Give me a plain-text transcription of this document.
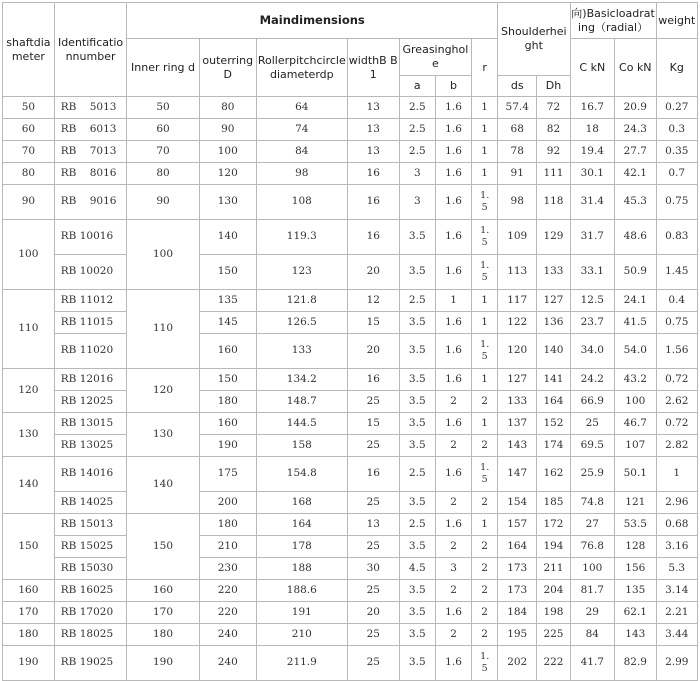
shaftdiameter	Identificationnumber	Maindimensions							Shoulderheight		向)Basicloadrating（radial）		weight
		Inner ring d	outerringD	Rollerpitchcirclediameterdp	widthB B1	Greasinghole		r			C kN	Co kN	Kg
						a	b		ds	Dh			
50	RB    5013	50	80	64	13	2.5	1.6	1	57.4	72	16.7	20.9	0.27
60	RB    6013	60	90	74	13	2.5	1.6	1	68	82	18	24.3	0.3
70	RB    7013	70	100	84	13	2.5	1.6	1	78	92	19.4	27.7	0.35
80	RB    8016	80	120	98	16	3	1.6	1	91	111	30.1	42.1	0.7
90	RB    9016	90	130	108	16	3	1.6	1.5	98	118	31.4	45.3	0.75
100	RB 10016	100	140	119.3	16	3.5	1.6	1.5	109	129	31.7	48.6	0.83
	RB 10020		150	123	20	3.5	1.6	1.5	113	133	33.1	50.9	1.45
110	RB 11012	110	135	121.8	12	2.5	1	1	117	127	12.5	24.1	0.4
	RB 11015		145	126.5	15	3.5	1.6	1	122	136	23.7	41.5	0.75
	RB 11020		160	133	20	3.5	1.6	1.5	120	140	34.0	54.0	1.56
120	RB 12016	120	150	134.2	16	3.5	1.6	1	127	141	24.2	43.2	0.72
	RB 12025		180	148.7	25	3.5	2	2	133	164	66.9	100	2.62
130	RB 13015	130	160	144.5	15	3.5	1.6	1	137	152	25	46.7	0.72
	RB 13025		190	158	25	3.5	2	2	143	174	69.5	107	2.82
140	RB 14016	140	175	154.8	16	2.5	1.6	1.5	147	162	25.9	50.1	1
	RB 14025		200	168	25	3.5	2	2	154	185	74.8	121	2.96
150	RB 15013	150	180	164	13	2.5	1.6	1	157	172	27	53.5	0.68
	RB 15025		210	178	25	3.5	2	2	164	194	76.8	128	3.16
	RB 15030		230	188	30	4.5	3	2	173	211	100	156	5.3
160	RB 16025	160	220	188.6	25	3.5	2	2	173	204	81.7	135	3.14
170	RB 17020	170	220	191	20	3.5	1.6	2	184	198	29	62.1	2.21
180	RB 18025	180	240	210	25	3.5	2	2	195	225	84	143	3.44
190	RB 19025	190	240	211.9	25	3.5	1.6	1.5	202	222	41.7	82.9	2.99
